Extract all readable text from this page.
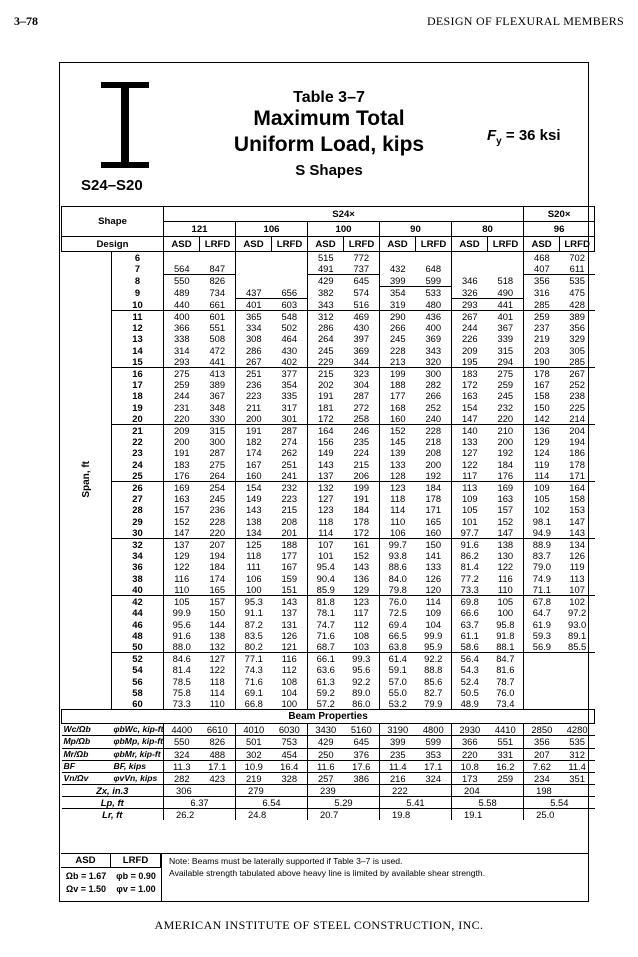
3–78	DESIGN OF FLEXURAL MEMBERS
S24–S20
Table 3–7
Maximum Total
Uniform Load, kips
S Shapes
$F_y = 36$ ksi
Shape		S24×										S20×	
		121		106		100		90		80		96	
Design		ASD	LRFD	ASD	LRFD	ASD	LRFD	ASD	LRFD	ASD	LRFD	ASD	LRFD
Span, ft	6					515	772					468	702
	7	564	847			491	737	432	648			407	611
	8	550	826			429	645	399	599	346	518	356	535
	9	489	734	437	656	382	574	354	533	326	490	316	475
	10	440	661	401	603	343	516	319	480	293	441	285	428
	11	400	601	365	548	312	469	290	436	267	401	259	389
	12	366	551	334	502	286	430	266	400	244	367	237	356
	13	338	508	308	464	264	397	245	369	226	339	219	329
	14	314	472	286	430	245	369	228	343	209	315	203	305
	15	293	441	267	402	229	344	213	320	195	294	190	285
	16	275	413	251	377	215	323	199	300	183	275	178	267
	17	259	389	236	354	202	304	188	282	172	259	167	252
	18	244	367	223	335	191	287	177	266	163	245	158	238
	19	231	348	211	317	181	272	168	252	154	232	150	225
	20	220	330	200	301	172	258	160	240	147	220	142	214
	21	209	315	191	287	164	246	152	228	140	210	136	204
	22	200	300	182	274	156	235	145	218	133	200	129	194
	23	191	287	174	262	149	224	139	208	127	192	124	186
	24	183	275	167	251	143	215	133	200	122	184	119	178
	25	176	264	160	241	137	206	128	192	117	176	114	171
	26	169	254	154	232	132	199	123	184	113	169	109	164
	27	163	245	149	223	127	191	118	178	109	163	105	158
	28	157	236	143	215	123	184	114	171	105	157	102	153
	29	152	228	138	208	118	178	110	165	101	152	98.1	147
	30	147	220	134	201	114	172	106	160	97.7	147	94.9	143
	32	137	207	125	188	107	161	99.7	150	91.6	138	88.9	134
	34	129	194	118	177	101	152	93.8	141	86.2	130	83.7	126
	36	122	184	111	167	95.4	143	88.6	133	81.4	122	79.0	119
	38	116	174	106	159	90.4	136	84.0	126	77.2	116	74.9	113
	40	110	165	100	151	85.9	129	79.8	120	73.3	110	71.1	107
	42	105	157	95.3	143	81.8	123	76.0	114	69.8	105	67.8	102
	44	99.9	150	91.1	137	78.1	117	72.5	109	66.6	100	64.7	97.2
	46	95.6	144	87.2	131	74.7	112	69.4	104	63.7	95.8	61.9	93.0
	48	91.6	138	83.5	126	71.6	108	66.5	99.9	61.1	91.8	59.3	89.1
	50	88.0	132	80.2	121	68.7	103	63.8	95.9	58.6	88.1	56.9	85.5
	52	84.6	127	77.1	116	66.1	99.3	61.4	92.2	56.4	84.7		
	54	81.4	122	74.3	112	63.6	95.6	59.1	88.8	54.3	81.6		
	56	78.5	118	71.6	108	61.3	92.2	57.0	85.6	52.4	78.7		
	58	75.8	114	69.1	104	59.2	89.0	55.0	82.7	50.5	76.0		
	60	73.3	110	66.8	100	57.2	86.0	53.2	79.9	48.9	73.4		
Beam Properties													
Wc/Ωb	φbWc, kip-ft	4400	6610	4010	6030	3430	5160	3190	4800	2930	4410	2850	4280
Mp/Ωb	φbMp, kip-ft	550	826	501	753	429	645	399	599	366	551	356	535
Mr/Ωb	φbMr, kip-ft	324	488	302	454	250	376	235	353	220	331	207	312
BF	BF, kips	11.3	17.1	10.9	16.4	11.6	17.6	11.4	17.1	10.8	16.2	7.62	11.4
Vn/Ωv	φvVn, kips	282	423	219	328	257	386	216	324	173	259	234	351
Zx, in.3		306		279		239		222		204		198	
Lp, ft		6.37		6.54		5.29		5.41		5.58		5.54	
Lr, ft		26.2		24.8		20.7		19.8		19.1		25.0	
ASD	LRFD
Ωb = 1.67
Ωv = 1.50
φb = 0.90
φv = 1.00
Note: Beams must be laterally supported if Table 3–7 is used.
Available strength tabulated above heavy line is limited by available shear strength.
AMERICAN INSTITUTE OF STEEL CONSTRUCTION, INC.
